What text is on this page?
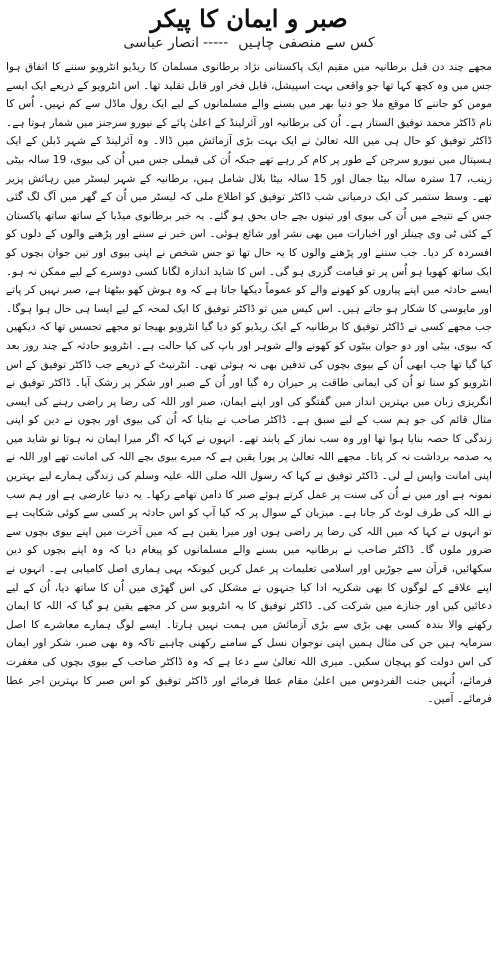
صبر و ایمان کا پیکر
کس سے منصفی چاہیں-----انصار عباسی

مجھے چند دن قبل برطانیہ میں مقیم ایک پاکستانی نژاد برطانوی مسلمان کا ریڈیو انٹرویو سننے کا اتفاق ہوا جس میں وہ کچھ کہا تھا جو واقعی بہت اسپیشل، قابل فخر اور قابل تقلید تھا۔ اس انٹرویو کے ذریعے ایک ایسے مومن کو جاننے کا موقع ملا جو دنیا بھر میں بسنے والے مسلمانوں کے لیے ایک رول ماڈل سے کم نہیں۔ اُس کا نام ڈاکٹر محمد توفیق الستار ہے۔ اُن کی برطانیہ اور آئرلینڈ کے اعلیٰ پائے کے نیورو سرجنز میں شمار ہوتا ہے۔ ڈاکٹر توفیق کو حال ہی میں اللہ تعالیٰ نے ایک بہت بڑی آزمائش میں ڈالا۔ وہ آئرلینڈ کے شہر ڈبلن کے ایک ہسپتال میں نیورو سرجن کے طور پر کام کر رہے تھے جبکہ اُن کی فیملی جس میں اُن کی بیوی، 19 سالہ بیٹی زینب، 17 سترہ سالہ بیٹا جمال اور 15 سالہ بیٹا بلال شامل ہیں، برطانیہ کے شہر لیسٹر میں رہائش پزیر تھے۔ وسط ستمبر کی ایک درمیانی شب ڈاکٹر توفیق کو اطلاع ملی کہ لیسٹر میں اُن کے گھر میں آگ لگ گئی جس کے نتیجے میں اُن کی بیوی اور تینوں بچے جاں بحق ہو گئے۔ یہ خبر برطانوی میڈیا کے ساتھ ساتھ پاکستان کے کئی ٹی وی چینلز اور اخبارات میں بھی نشر اور شائع ہوئی۔ اس خبر نے سننے اور پڑھنے والوں کے دلوں کو افسردہ کر دیا۔ جب سننے اور پڑھنے والوں کا یہ حال تھا تو جس شخص نے اپنی بیوی اور تین جوان بچوں کو ایک ساتھ کھویا ہو اُس پر تو قیامت گزری ہو گی۔ اس کا شاید اندازہ لگانا کسی دوسرے کے لیے ممکن نہ ہو۔ ایسے حادثہ میں اپنے پیاروں کو کھونے والے کو عموماً دیکھا جاتا ہے کہ وہ ہوش کھو بیٹھتا ہے، صبر نہیں کر پاتے اور مایوسی کا شکار ہو جاتے ہیں۔ اس کیس میں تو ڈاکٹر توفیق کا ایک لمحہ کے لیے ایسا ہی حال ہوا ہوگا۔ جب مجھے کسی نے ڈاکٹر توفیق کا برطانیہ کے ایک ریڈیو کو دیا گیا انٹرویو بھیجا تو مجھے تجسس تھا کہ دیکھیں کہ بیوی، بیٹی اور دو جوان بیٹوں کو کھونے والے شوہر اور باپ کی کیا حالت ہے۔ انٹرویو حادثہ کے چند روز بعد کیا گیا تھا جب ابھی اُن کے بیوی بچوں کی تدفین بھی نہ ہوئی تھی۔ انٹرنیٹ کے ذریعے جب ڈاکٹر توفیق کے اس انٹرویو کو سنا تو اُن کی ایمانی طاقت پر حیران رہ گیا اور اُن کے صبر اور شکر پر رشک آیا۔ ڈاکٹر توفیق نے انگریزی زبان میں بہترین انداز میں گفتگو کی اور اپنے ایمان، صبر اور اللہ کی رضا پر راضی رہنے کی ایسی مثال قائم کی جو ہم سب کے لیے سبق ہے۔ ڈاکٹر صاحب نے بتایا کہ اُن کی بیوی اور بچوں نے دین کو اپنی زندگی کا حصہ بنایا ہوا تھا اور وہ سب نماز کے پابند تھے۔ انہوں نے کہا کہ اگر میرا ایمان نہ ہوتا تو شاید میں یہ صدمہ برداشت نہ کر پاتا۔ مجھے اللہ تعالیٰ پر پورا یقین ہے کہ میرے بیوی بچے اللہ کی امانت تھے اور اللہ نے اپنی امانت واپس لے لی۔ ڈاکٹر توفیق نے کہا کہ رسول اللہ صلی اللہ علیہ وسلم کی زندگی ہمارے لیے بہترین نمونہ ہے اور میں نے اُن کی سنت پر عمل کرتے ہوئے صبر کا دامن تھامے رکھا۔ یہ دنیا عارضی ہے اور ہم سب نے اللہ کی طرف لوٹ کر جانا ہے۔ میزبان کے سوال پر کہ کیا آپ کو اس حادثہ پر کسی سے کوئی شکایت ہے تو انہوں نے کہا کہ میں اللہ کی رضا پر راضی ہوں اور میرا یقین ہے کہ میں آخرت میں اپنے بیوی بچوں سے ضرور ملوں گا۔ ڈاکٹر صاحب نے برطانیہ میں بسنے والے مسلمانوں کو پیغام دیا کہ وہ اپنے بچوں کو دین سکھائیں، قرآن سے جوڑیں اور اسلامی تعلیمات پر عمل کریں کیونکہ یہی ہماری اصل کامیابی ہے۔ انہوں نے اپنے علاقے کے لوگوں کا بھی شکریہ ادا کیا جنہوں نے مشکل کی اس گھڑی میں اُن کا ساتھ دیا، اُن کے لیے دعائیں کیں اور جنازے میں شرکت کی۔ ڈاکٹر توفیق کا یہ انٹرویو سن کر مجھے یقین ہو گیا کہ اللہ کا ایمان رکھنے والا بندہ کسی بھی بڑی سے بڑی آزمائش میں ہمت نہیں ہارتا۔ ایسے لوگ ہمارے معاشرے کا اصل سرمایہ ہیں جن کی مثال ہمیں اپنی نوجوان نسل کے سامنے رکھنی چاہیے تاکہ وہ بھی صبر، شکر اور ایمان کی اس دولت کو پہچان سکیں۔ میری اللہ تعالیٰ سے دعا ہے کہ وہ ڈاکٹر صاحب کے بیوی بچوں کی مغفرت فرمائے، اُنہیں جنت الفردوس میں اعلیٰ مقام عطا فرمائے اور ڈاکٹر توفیق کو اس صبر کا بہترین اجر عطا فرمائے۔ آمین۔
